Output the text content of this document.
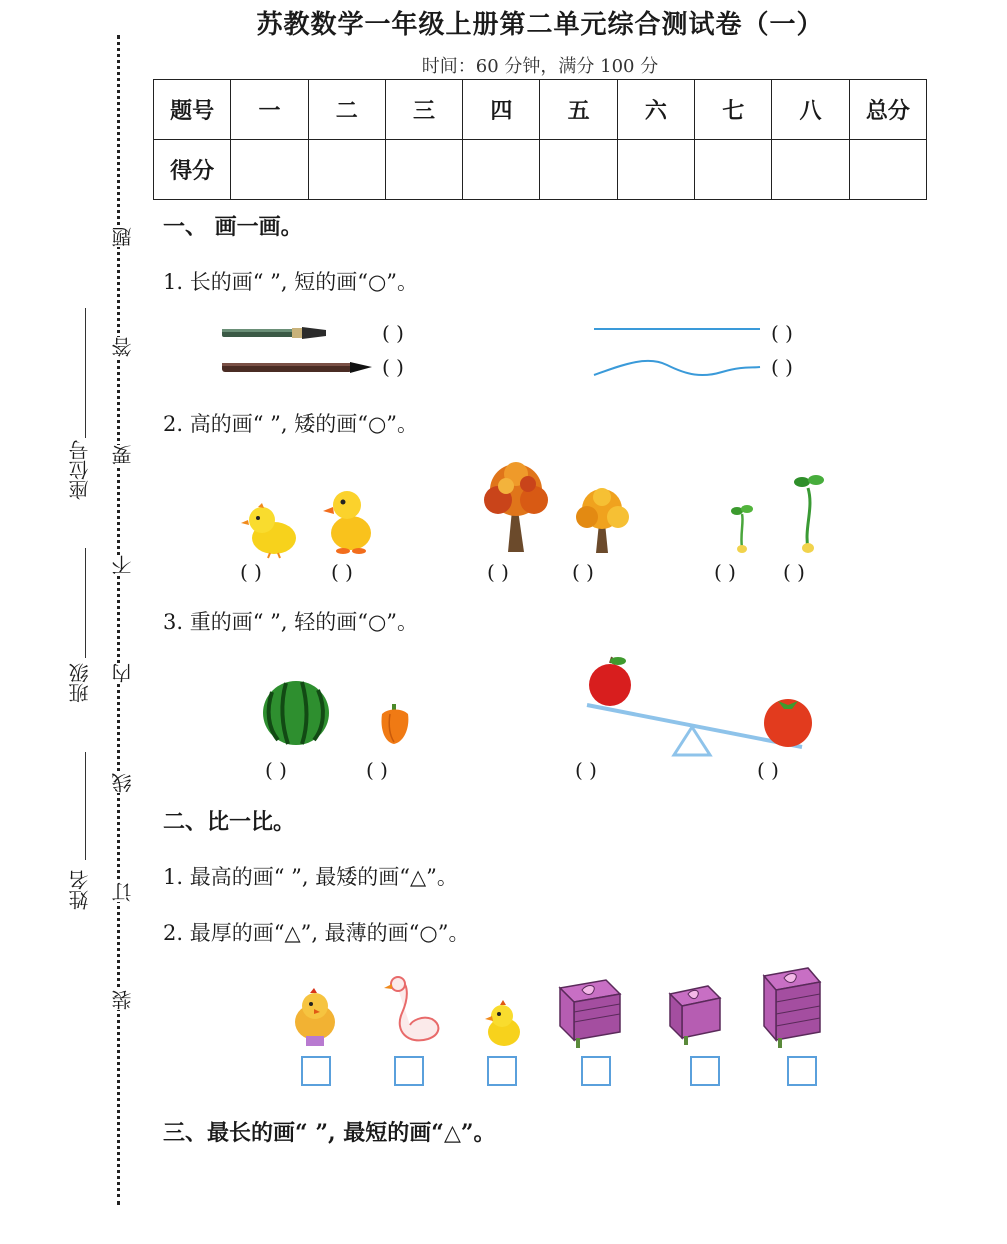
苏教数学一年级上册第二单元综合测试卷（一）
时间：60 分钟，满分 100 分
题号	一	二	三	四	五	六	七	八	总分
得分									
题
答
要
不
内
线
订
装
座位号
班级
姓名
一、 画一画。
1. 长的画“ ”, 短的画“○”。
( )
( )
( )
( )
2. 高的画“ ”, 矮的画“○”。
( )	( )	( )	( )	( ) ( )
3. 重的画“ ”, 轻的画“○”。
( )	( )	( )	( )
二、比一比。
1. 最高的画“ ”, 最矮的画“△”。
2. 最厚的画“△”, 最薄的画“○”。
三、最长的画“ ”, 最短的画“△”。
